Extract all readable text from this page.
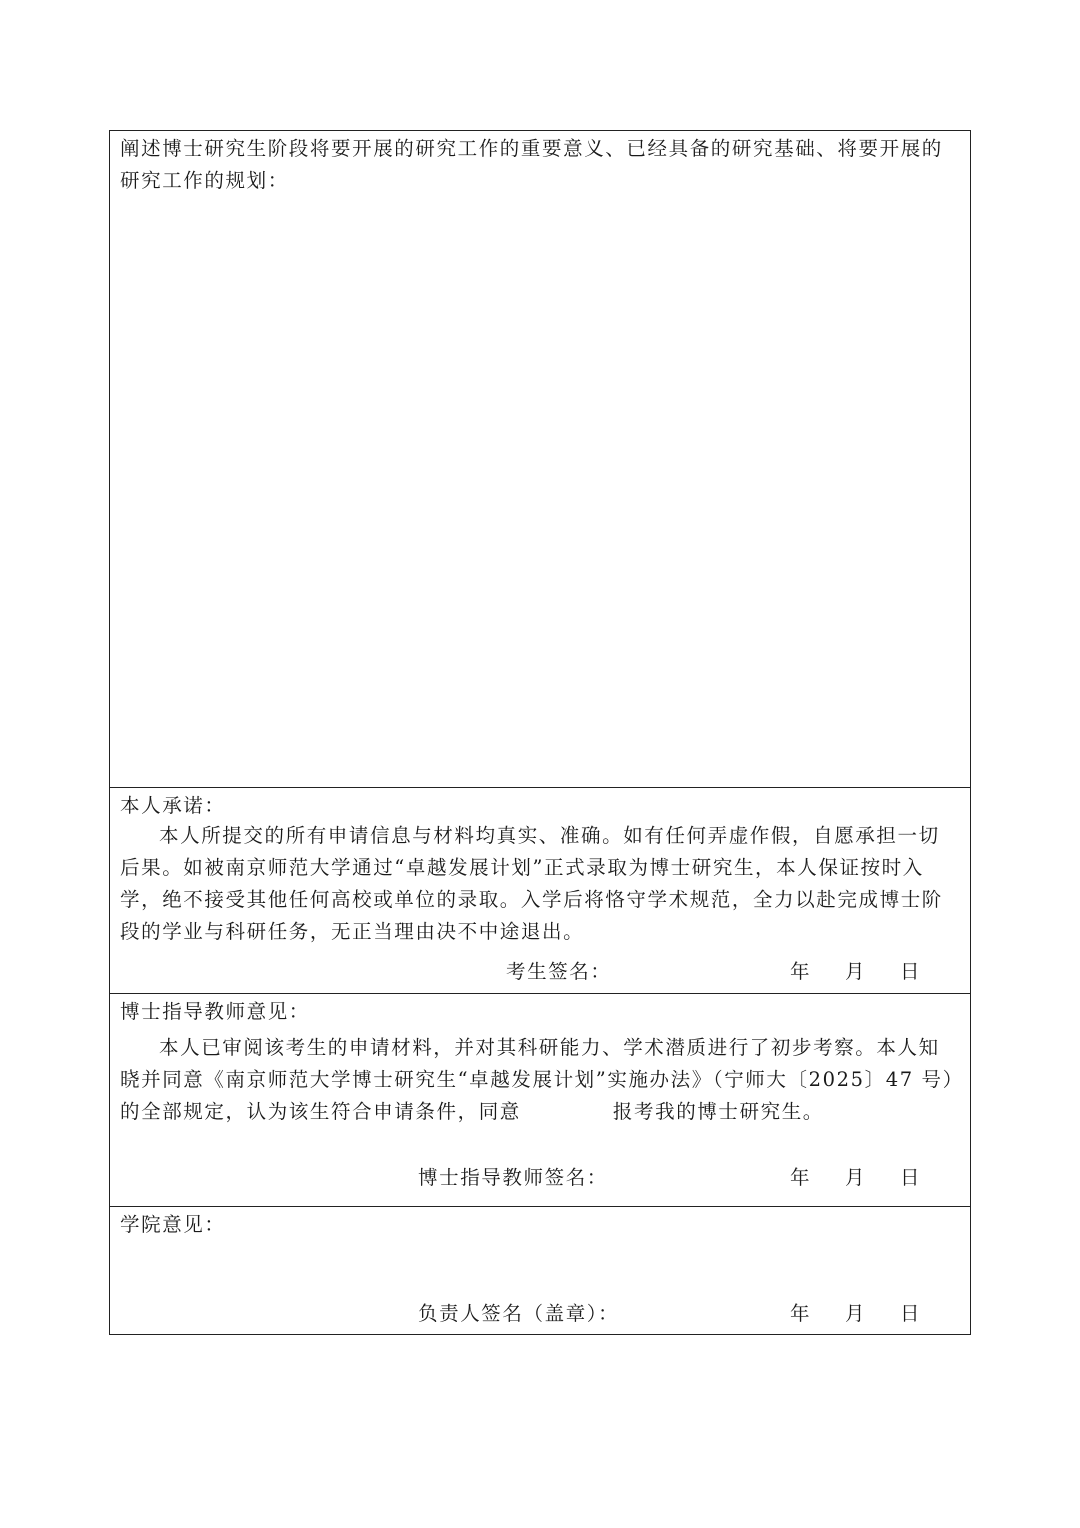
阐述博士研究生阶段将要开展的研究工作的重要意义、已经具备的研究基础、将要开展的研究工作的规划：

本人承诺：

本人所提交的所有申请信息与材料均真实、准确。如有任何弄虚作假，自愿承担一切后果。如被南京师范大学通过“卓越发展计划”正式录取为博士研究生，本人保证按时入学，绝不接受其他任何高校或单位的录取。入学后将恪守学术规范，全力以赴完成博士阶段的学业与科研任务，无正当理由决不中途退出。

考生签名：	年 月 日

博士指导教师意见：

本人已审阅该考生的申请材料，并对其科研能力、学术潜质进行了初步考察。本人知晓并同意《南京师范大学博士研究生“卓越发展计划”实施办法》（宁师大〔2025〕47 号）的全部规定，认为该生符合申请条件，同意	报考我的博士研究生。

博士指导教师签名：	年 月 日

学院意见：

负责人签名（盖章）：	年 月 日
